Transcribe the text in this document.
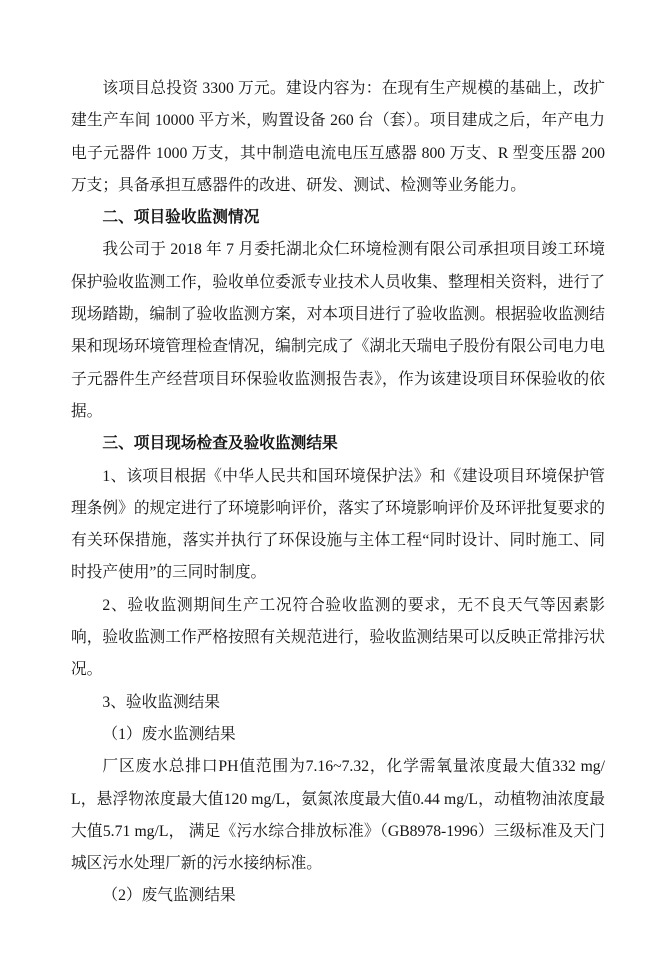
该项目总投资 3300 万元。建设内容为：在现有生产规模的基础上，改扩建生产车间 10000 平方米，购置设备 260 台（套）。项目建成之后，年产电力电子元器件 1000 万支，其中制造电流电压互感器 800 万支、R 型变压器 200 万支；具备承担互感器件的改进、研发、测试、检测等业务能力。

二、项目验收监测情况

我公司于 2018 年 7 月委托湖北众仁环境检测有限公司承担项目竣工环境保护验收监测工作，验收单位委派专业技术人员收集、整理相关资料，进行了现场踏勘，编制了验收监测方案，对本项目进行了验收监测。根据验收监测结果和现场环境管理检查情况，编制完成了《湖北天瑞电子股份有限公司电力电子元器件生产经营项目环保验收监测报告表》，作为该建设项目环保验收的依据。

三、项目现场检查及验收监测结果

1、该项目根据《中华人民共和国环境保护法》和《建设项目环境保护管理条例》的规定进行了环境影响评价，落实了环境影响评价及环评批复要求的有关环保措施，落实并执行了环保设施与主体工程“同时设计、同时施工、同时投产使用”的三同时制度。

2、验收监测期间生产工况符合验收监测的要求，无不良天气等因素影响，验收监测工作严格按照有关规范进行，验收监测结果可以反映正常排污状况。

3、验收监测结果

（1）废水监测结果

厂区废水总排口PH值范围为7.16~7.32，化学需氧量浓度最大值332 mg/L，悬浮物浓度最大值120 mg/L，氨氮浓度最大值0.44 mg/L，动植物油浓度最大值5.71 mg/L， 满足《污水综合排放标准》（GB8978-1996）三级标准及天门城区污水处理厂新的污水接纳标准。

（2）废气监测结果
